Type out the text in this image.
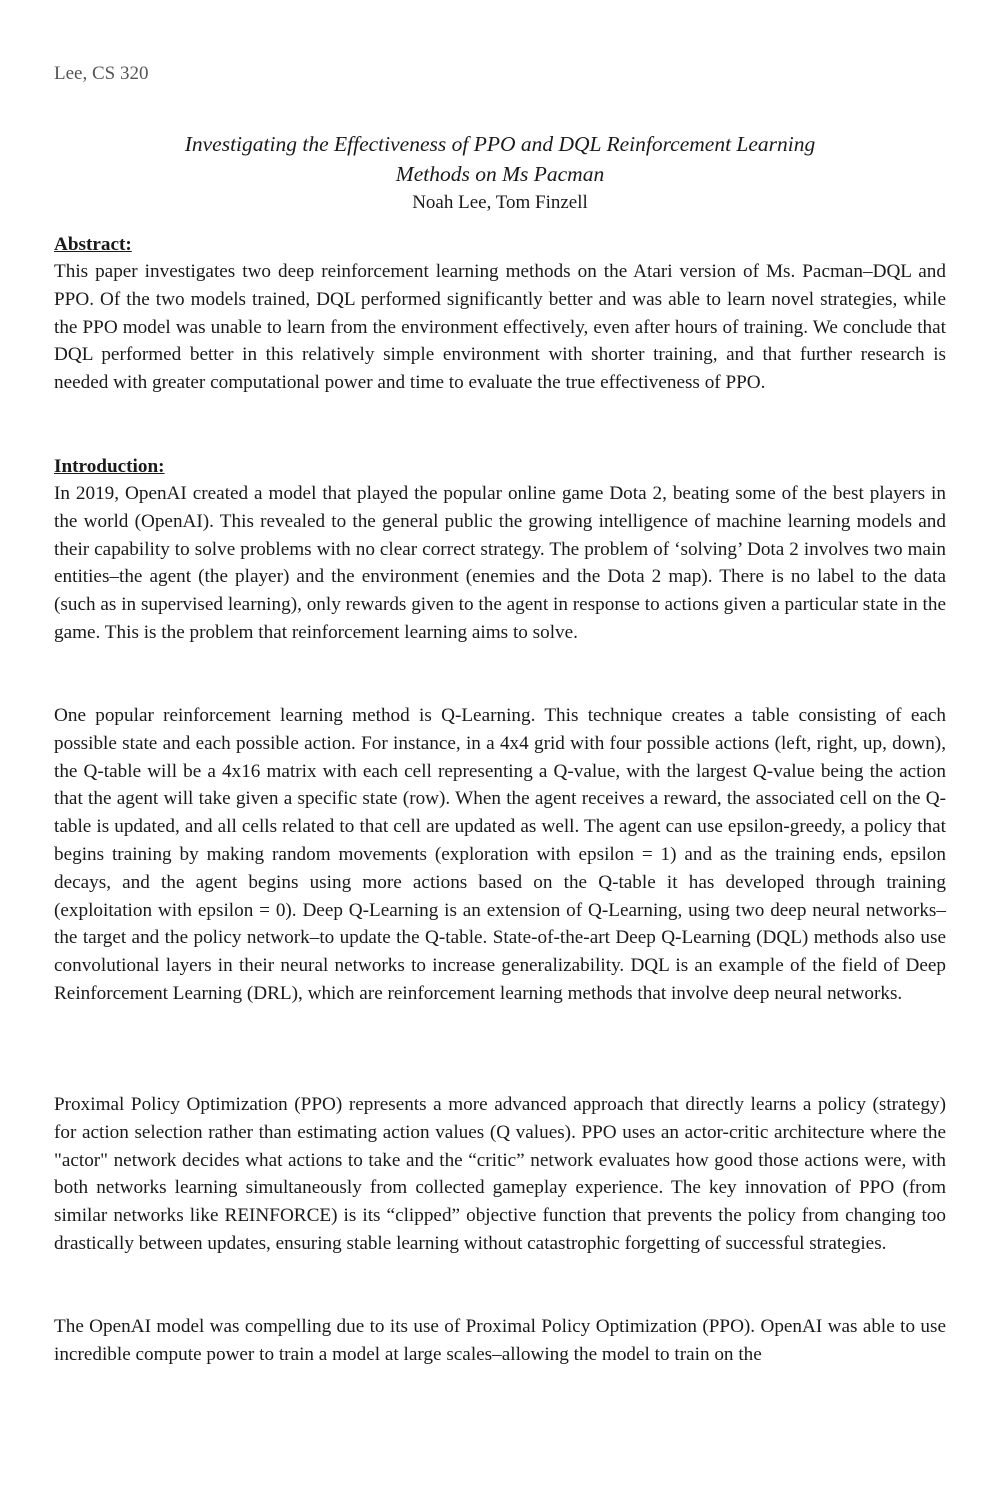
Lee, CS 320
Investigating the Effectiveness of PPO and DQL Reinforcement Learning
Methods on Ms Pacman
Noah Lee, Tom Finzell
Abstract:

This paper investigates two deep reinforcement learning methods on the Atari version of Ms. Pacman–DQL and PPO. Of the two models trained, DQL performed significantly better and was able to learn novel strategies, while the PPO model was unable to learn from the environment effectively, even after hours of training. We conclude that DQL performed better in this relatively simple environment with shorter training, and that further research is needed with greater computational power and time to evaluate the true effectiveness of PPO.

Introduction:

In 2019, OpenAI created a model that played the popular online game Dota 2, beating some of the best players in the world (OpenAI). This revealed to the general public the growing intelligence of machine learning models and their capability to solve problems with no clear correct strategy. The problem of ‘solving’ Dota 2 involves two main entities–the agent (the player) and the environment (enemies and the Dota 2 map). There is no label to the data (such as in supervised learning), only rewards given to the agent in response to actions given a particular state in the game. This is the problem that reinforcement learning aims to solve.

One popular reinforcement learning method is Q-Learning. This technique creates a table consisting of each possible state and each possible action. For instance, in a 4x4 grid with four possible actions (left, right, up, down), the Q-table will be a 4x16 matrix with each cell representing a Q-value, with the largest Q-value being the action that the agent will take given a specific state (row). When the agent receives a reward, the associated cell on the Q-table is updated, and all cells related to that cell are updated as well. The agent can use epsilon-greedy, a policy that begins training by making random movements (exploration with epsilon = 1) and as the training ends, epsilon decays, and the agent begins using more actions based on the Q-table it has developed through training (exploitation with epsilon = 0). Deep Q-Learning is an extension of Q-Learning, using two deep neural networks–the target and the policy network–to update the Q-table. State-of-the-art Deep Q-Learning (DQL) methods also use convolutional layers in their neural networks to increase generalizability. DQL is an example of the field of Deep Reinforcement Learning (DRL), which are reinforcement learning methods that involve deep neural networks.

Proximal Policy Optimization (PPO) represents a more advanced approach that directly learns a policy (strategy) for action selection rather than estimating action values (Q values). PPO uses an actor-critic architecture where the "actor" network decides what actions to take and the “critic” network evaluates how good those actions were, with both networks learning simultaneously from collected gameplay experience. The key innovation of PPO (from similar networks like REINFORCE) is its “clipped” objective function that prevents the policy from changing too drastically between updates, ensuring stable learning without catastrophic forgetting of successful strategies.

The OpenAI model was compelling due to its use of Proximal Policy Optimization (PPO). OpenAI was able to use incredible compute power to train a model at large scales–allowing the model to train on the
